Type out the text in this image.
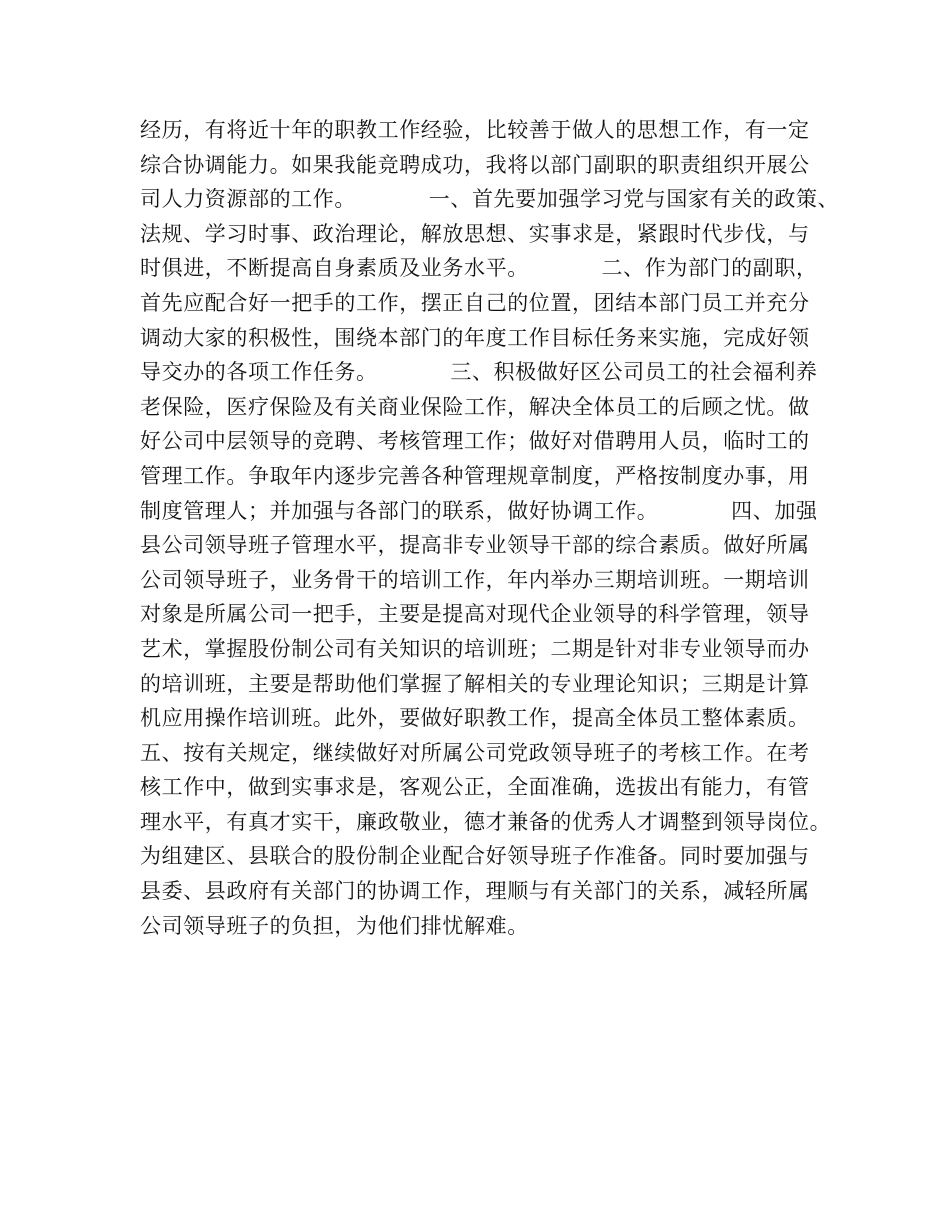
经历，有将近十年的职教工作经验，比较善于做人的思想工作，有一定
综合协调能力。如果我能竞聘成功，我将以部门副职的职责组织开展公
司人力资源部的工作。          一、首先要加强学习党与国家有关的政策、
法规、学习时事、政治理论，解放思想、实事求是，紧跟时代步伐，与
时俱进，不断提高自身素质及业务水平。          二、作为部门的副职，
首先应配合好一把手的工作，摆正自己的位置，团结本部门员工并充分
调动大家的积极性，围绕本部门的年度工作目标任务来实施，完成好领
导交办的各项工作任务。          三、积极做好区公司员工的社会福利养
老保险，医疗保险及有关商业保险工作，解决全体员工的后顾之忧。做
好公司中层领导的竞聘、考核管理工作；做好对借聘用人员，临时工的
管理工作。争取年内逐步完善各种管理规章制度，严格按制度办事，用
制度管理人；并加强与各部门的联系，做好协调工作。          四、加强
县公司领导班子管理水平，提高非专业领导干部的综合素质。做好所属
公司领导班子，业务骨干的培训工作，年内举办三期培训班。一期培训
对象是所属公司一把手，主要是提高对现代企业领导的科学管理，领导
艺术，掌握股份制公司有关知识的培训班；二期是针对非专业领导而办
的培训班，主要是帮助他们掌握了解相关的专业理论知识；三期是计算
机应用操作培训班。此外，要做好职教工作，提高全体员工整体素质。
五、按有关规定，继续做好对所属公司党政领导班子的考核工作。在考
核工作中，做到实事求是，客观公正，全面准确，选拔出有能力，有管
理水平，有真才实干，廉政敬业，德才兼备的优秀人才调整到领导岗位。
为组建区、县联合的股份制企业配合好领导班子作准备。同时要加强与
县委、县政府有关部门的协调工作，理顺与有关部门的关系，减轻所属
公司领导班子的负担，为他们排忧解难。
